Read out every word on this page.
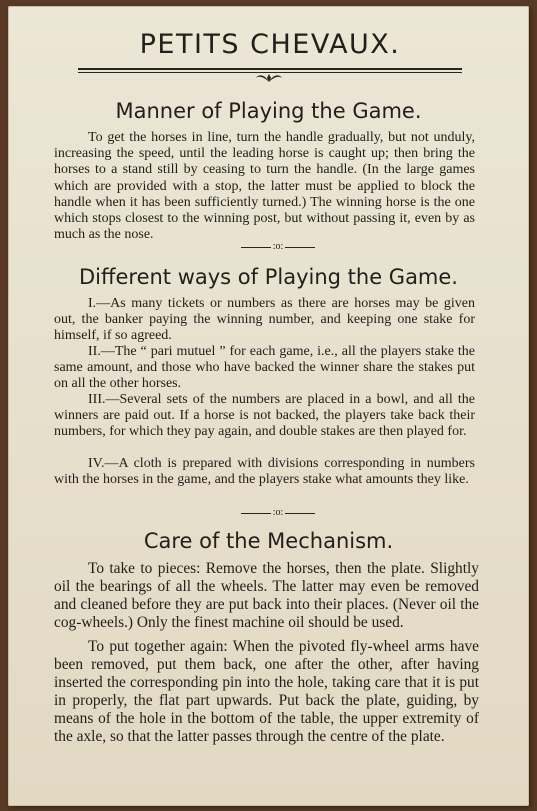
PETITS CHEVAUX.
Manner of Playing the Game.

To get the horses in line, turn the handle gradually, but not unduly, increasing the speed, until the leading horse is caught up; then bring the horses to a stand still by ceasing to turn the handle. (In the large games which are provided with a stop, the latter must be applied to block the handle when it has been sufficiently turned.) The winning horse is the one which stops closest to the winning post, but without passing it, even by as much as the nose.

:o:
Different ways of Playing the Game.

I.—As many tickets or numbers as there are horses may be given out, the banker paying the winning number, and keeping one stake for himself, if so agreed.

II.—The “ pari mutuel ” for each game, i.e., all the players stake the same amount, and those who have backed the winner share the stakes put on all the other horses.

III.—Several sets of the numbers are placed in a bowl, and all the winners are paid out. If a horse is not backed, the players take back their numbers, for which they pay again, and double stakes are then played for.

IV.—A cloth is prepared with divisions corresponding in numbers with the horses in the game, and the players stake what amounts they like.

:o:
Care of the Mechanism.

To take to pieces: Remove the horses, then the plate. Slightly oil the bearings of all the wheels. The latter may even be removed and cleaned before they are put back into their places. (Never oil the cog-wheels.) Only the finest machine oil should be used.

To put together again: When the pivoted fly-wheel arms have been removed, put them back, one after the other, after having inserted the corresponding pin into the hole, taking care that it is put in properly, the flat part upwards. Put back the plate, guiding, by means of the hole in the bottom of the table, the upper extremity of the axle, so that the latter passes through the centre of the plate.
